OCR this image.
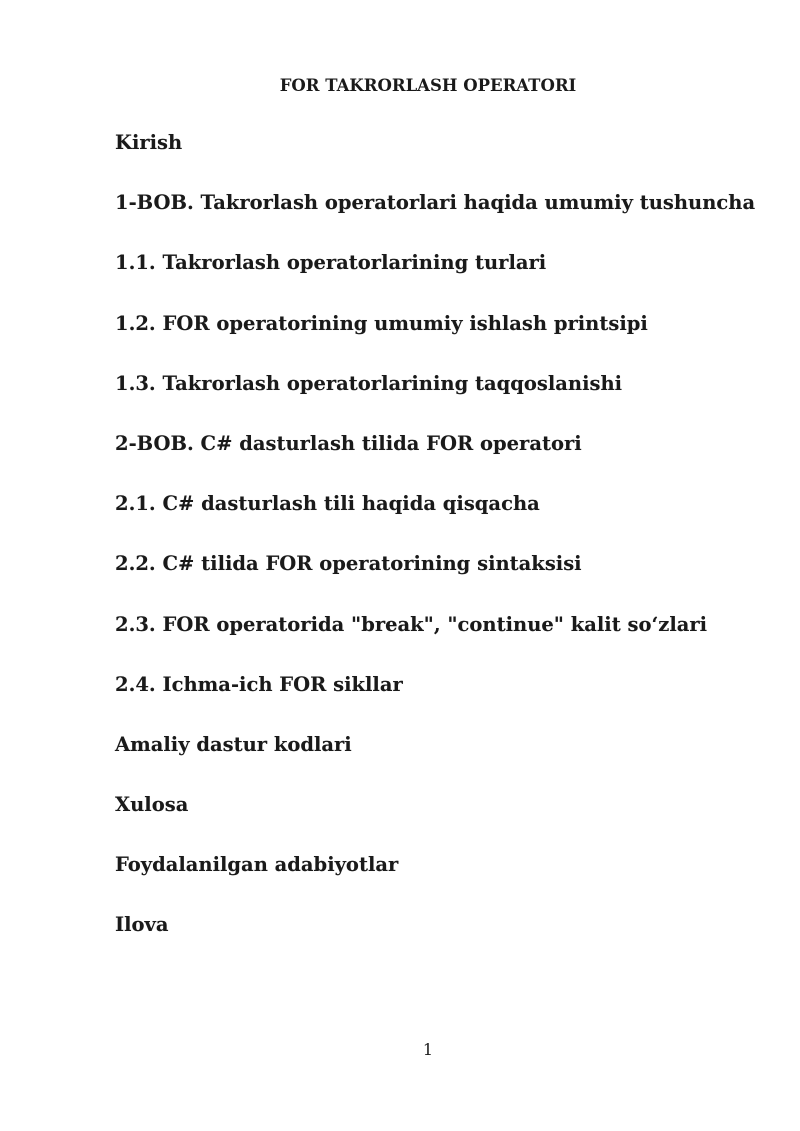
FOR TAKRORLASH OPERATORI
Kirish
1-BOB. Takrorlash operatorlari haqida umumiy tushuncha
1.1. Takrorlash operatorlarining turlari
1.2. FOR operatorining umumiy ishlash printsipi
1.3. Takrorlash operatorlarining taqqoslanishi
2-BOB. C# dasturlash tilida FOR operatori
2.1. C# dasturlash tili haqida qisqacha
2.2. C# tilida FOR operatorining sintaksisi
2.3. FOR operatorida "break", "continue" kalit so‘zlari
2.4. Ichma-ich FOR sikllar
Amaliy dastur kodlari
Xulosa
Foydalanilgan adabiyotlar
Ilova

1
